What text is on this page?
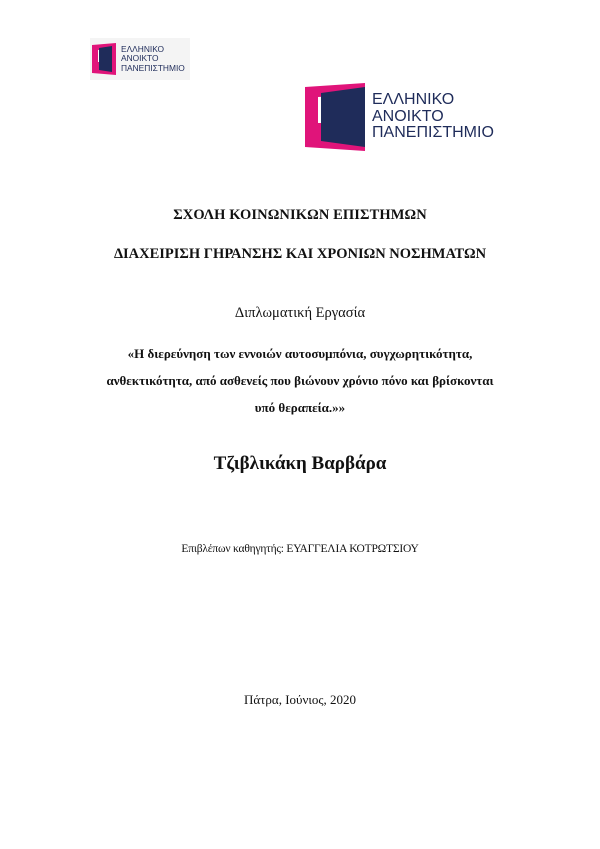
ΕΛΛΗΝΙΚΟ
ΑΝΟΙΚΤΟ
ΠΑΝΕΠΙΣΤΗΜΙΟ
ΕΛΛΗΝΙΚΟ
ΑΝΟΙΚΤΟ
ΠΑΝΕΠΙΣΤΗΜΙΟ
ΣΧΟΛΗ ΚΟΙΝΩΝΙΚΩΝ ΕΠΙΣΤΗΜΩΝ
ΔΙΑΧΕΙΡΙΣΗ ΓΗΡΑΝΣΗΣ ΚΑΙ ΧΡΟΝΙΩΝ ΝΟΣΗΜΑΤΩΝ
Διπλωματική Εργασία
«Η διερεύνηση των εννοιών αυτοσυμπόνια, συγχωρητικότητα,
ανθεκτικότητα, από ασθενείς που βιώνουν χρόνιο πόνο και βρίσκονται
υπό θεραπεία.»»
Τζιβλικάκη Βαρβάρα
Επιβλέπων καθηγητής: ΕΥΑΓΓΕΛΙΑ ΚΟΤΡΩΤΣΙΟΥ
Πάτρα, Ιούνιος, 2020
